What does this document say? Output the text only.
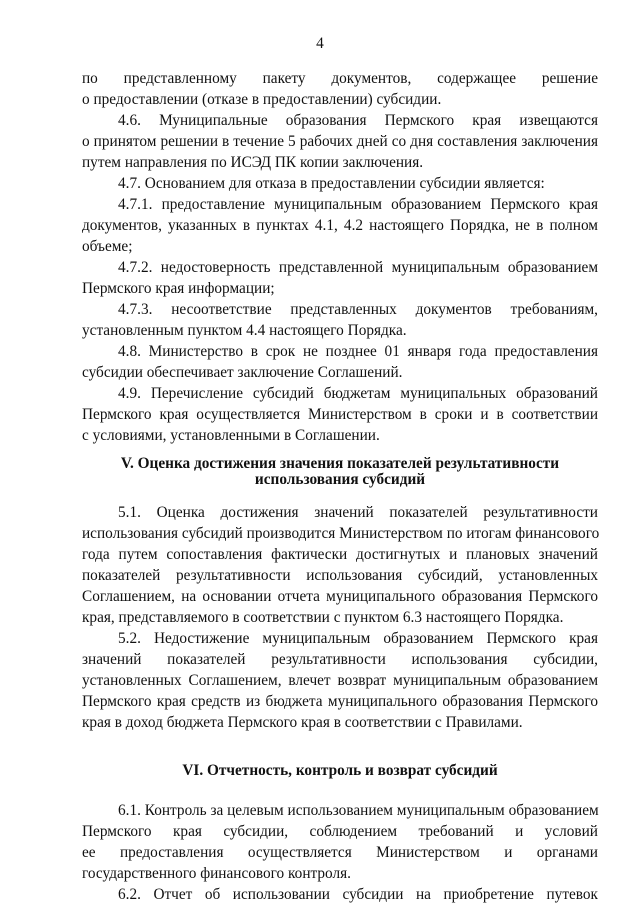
4
по представленному пакету документов, содержащее решение
о предоставлении (отказе в предоставлении) субсидии.
4.6. Муниципальные образования Пермского края извещаются
о принятом решении в течение 5 рабочих дней со дня составления заключения
путем направления по ИСЭД ПК копии заключения.
4.7. Основанием для отказа в предоставлении субсидии является:
4.7.1. предоставление муниципальным образованием Пермского края
документов, указанных в пунктах 4.1, 4.2 настоящего Порядка, не в полном
объеме;
4.7.2. недостоверность представленной муниципальным образованием
Пермского края информации;
4.7.3. несоответствие представленных документов требованиям,
установленным пунктом 4.4 настоящего Порядка.
4.8. Министерство в срок не позднее 01 января года предоставления
субсидии обеспечивает заключение Соглашений.
4.9. Перечисление субсидий бюджетам муниципальных образований
Пермского края осуществляется Министерством в сроки и в соответствии
с условиями, установленными в Соглашении.
V. Оценка достижения значения показателей результативности
использования субсидий
5.1. Оценка достижения значений показателей результативности
использования субсидий производится Министерством по итогам финансового
года путем сопоставления фактически достигнутых и плановых значений
показателей результативности использования субсидий, установленных
Соглашением, на основании отчета муниципального образования Пермского
края, представляемого в соответствии с пунктом 6.3 настоящего Порядка.
5.2. Недостижение муниципальным образованием Пермского края
значений показателей результативности использования субсидии,
установленных Соглашением, влечет возврат муниципальным образованием
Пермского края средств из бюджета муниципального образования Пермского
края в доход бюджета Пермского края в соответствии с Правилами.
VI. Отчетность, контроль и возврат субсидий
6.1. Контроль за целевым использованием муниципальным образованием
Пермского края субсидии, соблюдением требований и условий
ее предоставления осуществляется Министерством и органами
государственного финансового контроля.
6.2. Отчет об использовании субсидии на приобретение путевок
